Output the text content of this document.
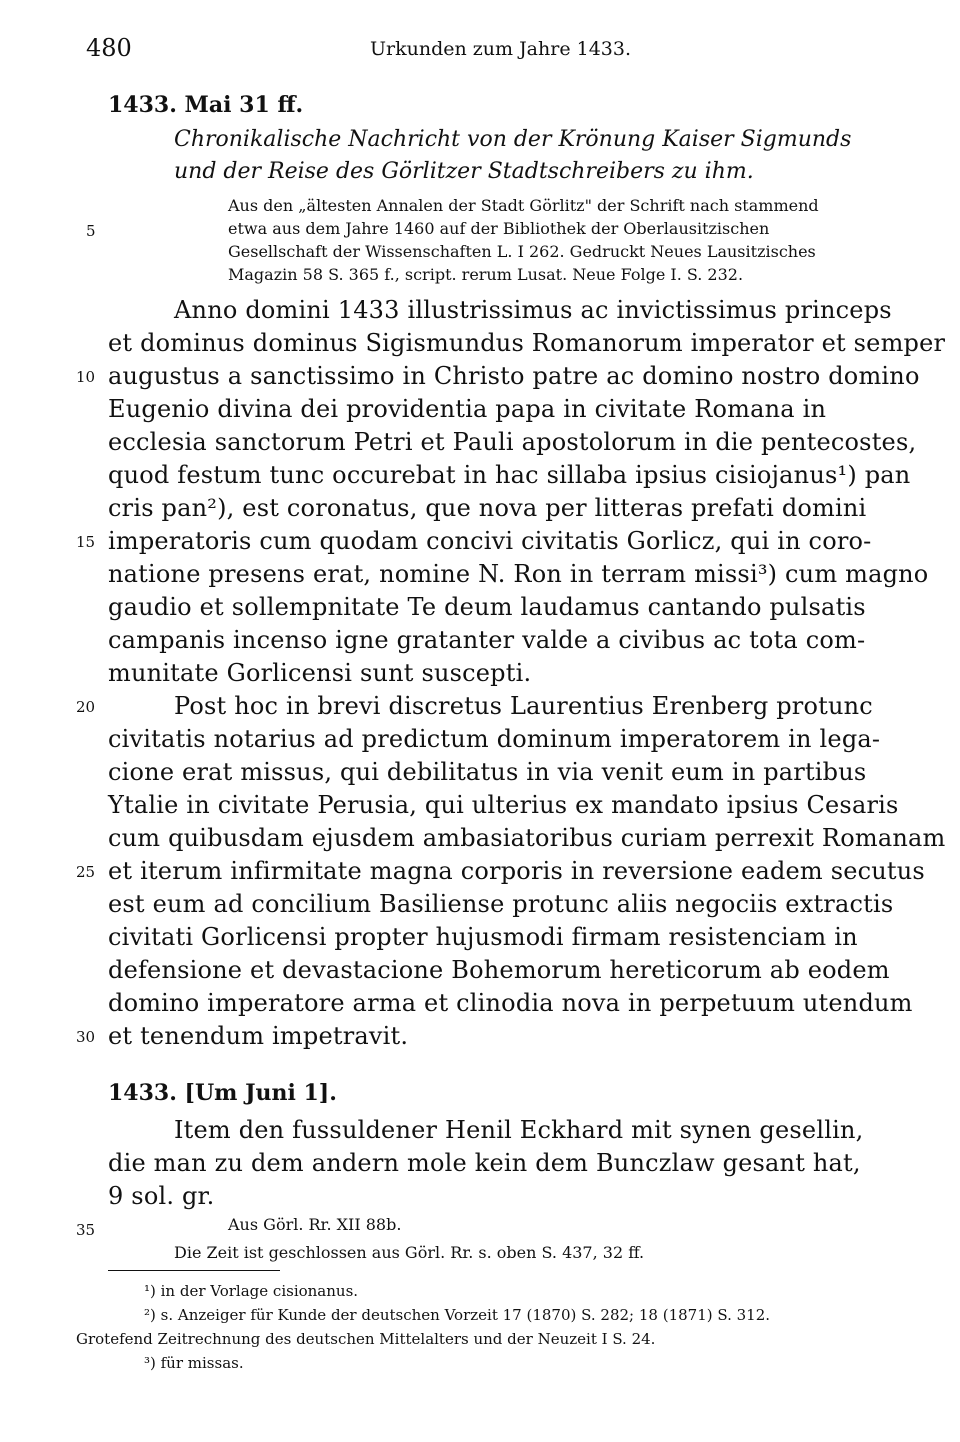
480	Urkunden zum Jahre 1433.
1433. Mai 31 ff.
Chronikalische Nachricht von der Krönung Kaiser Sigmunds
und der Reise des Görlitzer Stadtschreibers zu ihm.
Aus den „ältesten Annalen der Stadt Görlitz" der Schrift nach stammend
etwa aus dem Jahre 1460 auf der Bibliothek der Oberlausitzischen
Gesellschaft der Wissenschaften L. I 262. Gedruckt Neues Lausitzisches
Magazin 58 S. 365 f., script. rerum Lusat. Neue Folge I. S. 232.
Anno domini 1433 illustrissimus ac invictissimus princeps
et dominus dominus Sigismundus Romanorum imperator et semper
augustus a sanctissimo in Christo patre ac domino nostro domino
Eugenio divina dei providentia papa in civitate Romana in
ecclesia sanctorum Petri et Pauli apostolorum in die pentecostes,
quod festum tunc occurebat in hac sillaba ipsius cisiojanus¹) pan
cris pan²), est coronatus, que nova per litteras prefati domini
imperatoris cum quodam concivi civitatis Gorlicz, qui in coro-
natione presens erat, nomine N. Ron in terram missi³) cum magno
gaudio et sollempnitate Te deum laudamus cantando pulsatis
campanis incenso igne gratanter valde a civibus ac tota com-
munitate Gorlicensi sunt suscepti.
Post hoc in brevi discretus Laurentius Erenberg protunc
civitatis notarius ad predictum dominum imperatorem in lega-
cione erat missus, qui debilitatus in via venit eum in partibus
Ytalie in civitate Perusia, qui ulterius ex mandato ipsius Cesaris
cum quibusdam ejusdem ambasiatoribus curiam perrexit Romanam
et iterum infirmitate magna corporis in reversione eadem secutus
est eum ad concilium Basiliense protunc aliis negociis extractis
civitati Gorlicensi propter hujusmodi firmam resistenciam in
defensione et devastacione Bohemorum hereticorum ab eodem
domino imperatore arma et clinodia nova in perpetuum utendum
et tenendum impetravit.
1433. [Um Juni 1].
Item den fussuldener Henil Eckhard mit synen gesellin,
die man zu dem andern mole kein dem Bunczlaw gesant hat,
9 sol. gr.
Aus Görl. Rr. XII 88b.
Die Zeit ist geschlossen aus Görl. Rr. s. oben S. 437, 32 ff.
5
10
15
20
25
30
35
¹) in der Vorlage cisionanus.
²) s. Anzeiger für Kunde der deutschen Vorzeit 17 (1870) S. 282; 18 (1871) S. 312.
Grotefend Zeitrechnung des deutschen Mittelalters und der Neuzeit I S. 24.
³) für missas.
